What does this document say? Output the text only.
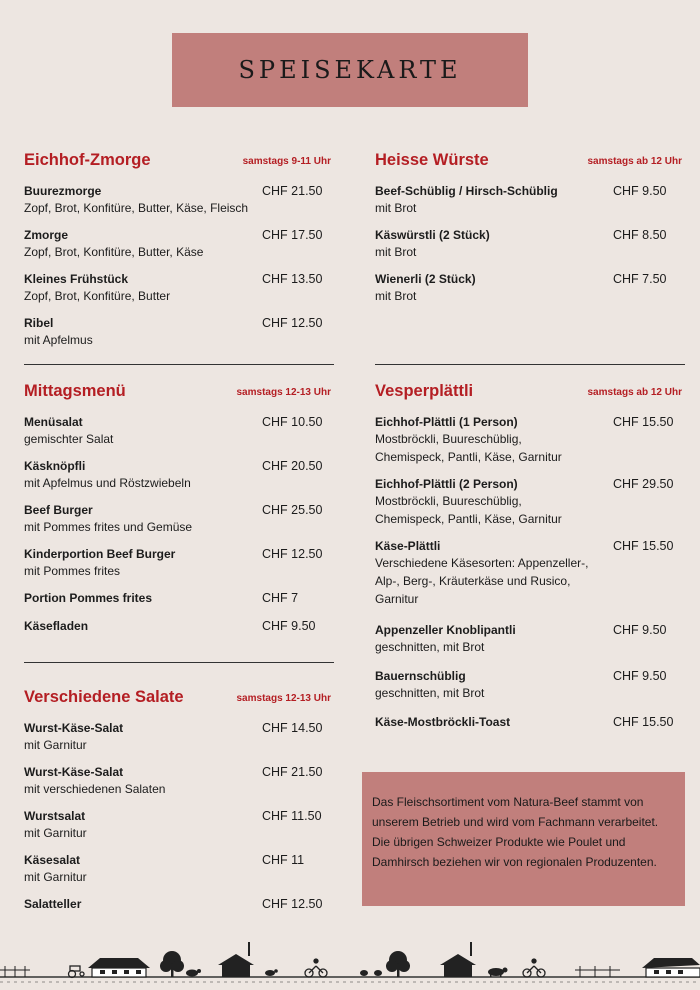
SPEISEKARTE
Eichhof-Zmorge	samstags 9-11 Uhr
Buurezmorge
Zopf, Brot, Konfitüre, Butter, Käse, Fleisch
CHF 21.50
Zmorge
Zopf, Brot, Konfitüre, Butter, Käse
CHF 17.50
Kleines Frühstück
Zopf, Brot, Konfitüre, Butter
CHF 13.50
Ribel
mit Apfelmus
CHF 12.50
Mittagsmenü	samstags 12-13 Uhr
Menüsalat
gemischter Salat
CHF 10.50
Käsknöpfli
mit Apfelmus und Röstzwiebeln
CHF 20.50
Beef Burger
mit Pommes frites und Gemüse
CHF 25.50
Kinderportion Beef Burger
mit Pommes frites
CHF 12.50
Portion Pommes frites	CHF 7
Käsefladen	CHF 9.50
Verschiedene Salate	samstags 12-13 Uhr
Wurst-Käse-Salat
mit Garnitur
CHF 14.50
Wurst-Käse-Salat
mit verschiedenen Salaten
CHF 21.50
Wurstsalat
mit Garnitur
CHF 11.50
Käsesalat
mit Garnitur
CHF 11
Salatteller	CHF 12.50
Heisse Würste	samstags ab 12 Uhr
Beef-Schüblig / Hirsch-Schüblig
mit Brot
CHF 9.50
Käswürstli (2 Stück)
mit Brot
CHF 8.50
Wienerli (2 Stück)
mit Brot
CHF 7.50
Vesperplättli	samstags ab 12 Uhr
Eichhof-Plättli (1 Person)
Mostbröckli, Buureschüblig, Chemispeck, Pantli, Käse, Garnitur
CHF 15.50
Eichhof-Plättli (2 Person)
Mostbröckli, Buureschüblig, Chemispeck, Pantli, Käse, Garnitur
CHF 29.50
Käse-Plättli
Verschiedene Käsesorten: Appenzeller-, Alp-, Berg-, Kräuterkäse und Rusico, Garnitur
CHF 15.50
Appenzeller Knoblipantli
geschnitten, mit Brot
CHF 9.50
Bauernschüblig
geschnitten, mit Brot
CHF 9.50
Käse-Mostbröckli-Toast	CHF 15.50
Das Fleischsortiment vom Natura-Beef stammt von unserem Betrieb und wird vom Fachmann verarbeitet. Die übrigen Schweizer Produkte wie Poulet und Damhirsch beziehen wir von regionalen Produzenten.
